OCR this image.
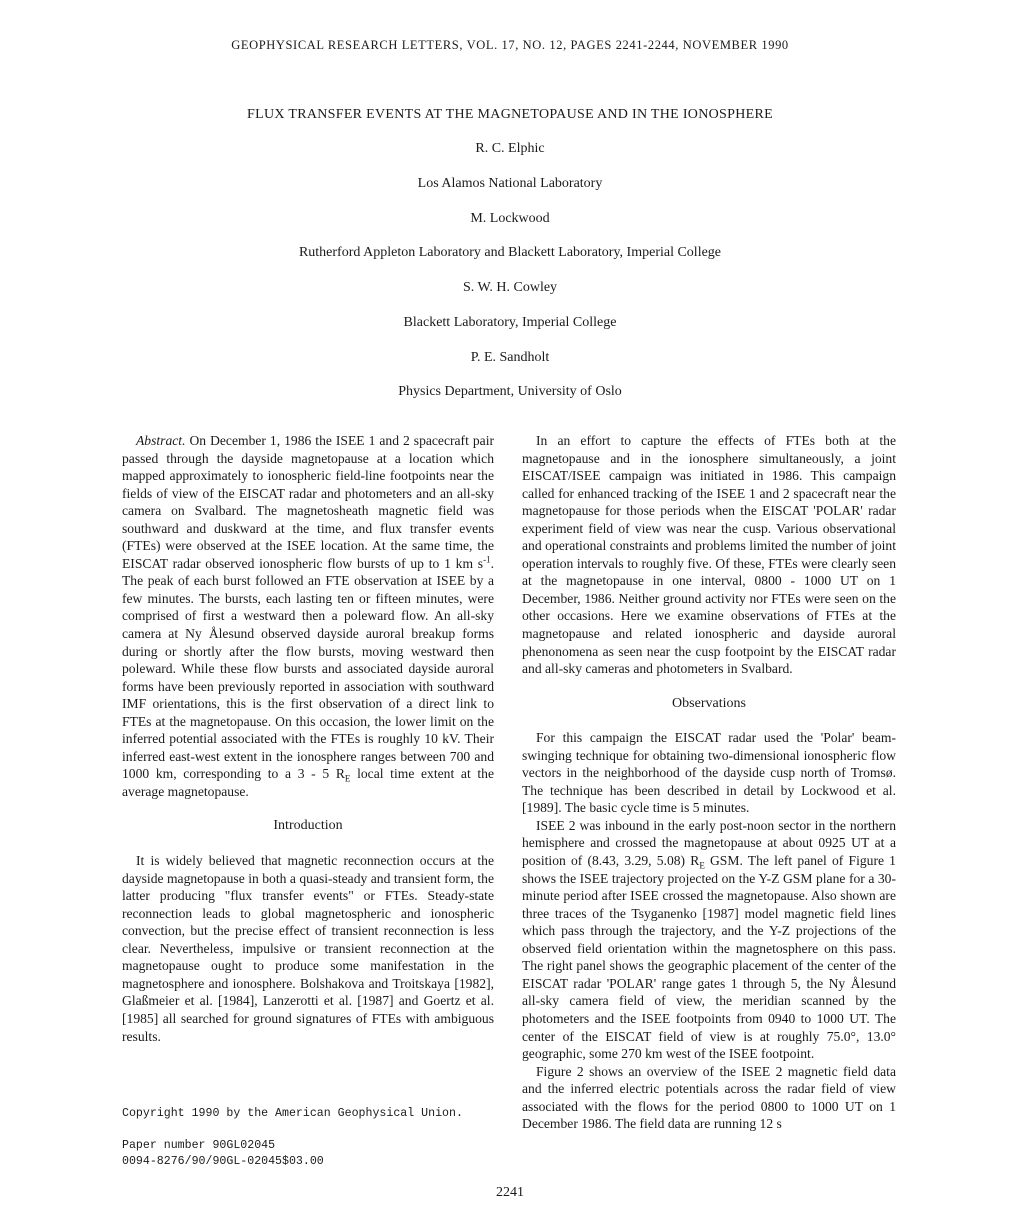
GEOPHYSICAL RESEARCH LETTERS, VOL. 17, NO. 12, PAGES 2241-2244, NOVEMBER 1990
FLUX TRANSFER EVENTS AT THE MAGNETOPAUSE AND IN THE IONOSPHERE
R. C. Elphic
Los Alamos National Laboratory
M. Lockwood
Rutherford Appleton Laboratory and Blackett Laboratory, Imperial College
S. W. H. Cowley
Blackett Laboratory, Imperial College
P. E. Sandholt
Physics Department, University of Oslo

Abstract. On December 1, 1986 the ISEE 1 and 2 spacecraft pair passed through the dayside magnetopause at a location which mapped approximately to ionospheric field-line footpoints near the fields of view of the EISCAT radar and photometers and an all-sky camera on Svalbard. The magnetosheath magnetic field was southward and duskward at the time, and flux transfer events (FTEs) were observed at the ISEE location. At the same time, the EISCAT radar observed ionospheric flow bursts of up to 1 km $s^{-1}$. The peak of each burst followed an FTE observation at ISEE by a few minutes. The bursts, each lasting ten or fifteen minutes, were comprised of first a westward then a poleward flow. An all-sky camera at Ny Ålesund observed dayside auroral breakup forms during or shortly after the flow bursts, moving westward then poleward. While these flow bursts and associated dayside auroral forms have been previously reported in association with southward IMF orientations, this is the first observation of a direct link to FTEs at the magnetopause. On this occasion, the lower limit on the inferred potential associated with the FTEs is roughly 10 kV. Their inferred east-west extent in the ionosphere ranges between 700 and 1000 km, corresponding to a 3 - 5 $R_E$ local time extent at the average magnetopause.

Introduction

It is widely believed that magnetic reconnection occurs at the dayside magnetopause in both a quasi-steady and transient form, the latter producing "flux transfer events" or FTEs. Steady-state reconnection leads to global magnetospheric and ionospheric convection, but the precise effect of transient reconnection is less clear. Nevertheless, impulsive or transient reconnection at the magnetopause ought to produce some manifestation in the magnetosphere and ionosphere. Bolshakova and Troitskaya [1982], Glaßmeier et al. [1984], Lanzerotti et al. [1987] and Goertz et al. [1985] all searched for ground signatures of FTEs with ambiguous results.

Copyright 1990 by the American Geophysical Union.
Paper number 90GL02045
0094-8276/90/90GL-02045$03.00

In an effort to capture the effects of FTEs both at the magnetopause and in the ionosphere simultaneously, a joint EISCAT/ISEE campaign was initiated in 1986. This campaign called for enhanced tracking of the ISEE 1 and 2 spacecraft near the magnetopause for those periods when the EISCAT 'POLAR' radar experiment field of view was near the cusp. Various observational and operational constraints and problems limited the number of joint operation intervals to roughly five. Of these, FTEs were clearly seen at the magnetopause in one interval, 0800 - 1000 UT on 1 December, 1986. Neither ground activity nor FTEs were seen on the other occasions. Here we examine observations of FTEs at the magnetopause and related ionospheric and dayside auroral phenonomena as seen near the cusp footpoint by the EISCAT radar and all-sky cameras and photometers in Svalbard.

Observations

For this campaign the EISCAT radar used the 'Polar' beam-swinging technique for obtaining two-dimensional ionospheric flow vectors in the neighborhood of the dayside cusp north of Tromsø. The technique has been described in detail by Lockwood et al. [1989]. The basic cycle time is 5 minutes.

ISEE 2 was inbound in the early post-noon sector in the northern hemisphere and crossed the magnetopause at about 0925 UT at a position of (8.43, 3.29, 5.08) $R_E$ GSM. The left panel of Figure 1 shows the ISEE trajectory projected on the Y-Z GSM plane for a 30-minute period after ISEE crossed the magnetopause. Also shown are three traces of the Tsyganenko [1987] model magnetic field lines which pass through the trajectory, and the Y-Z projections of the observed field orientation within the magnetosphere on this pass. The right panel shows the geographic placement of the center of the EISCAT radar 'POLAR' range gates 1 through 5, the Ny Ålesund all-sky camera field of view, the meridian scanned by the photometers and the ISEE footpoints from 0940 to 1000 UT. The center of the EISCAT field of view is at roughly 75.0°, 13.0° geographic, some 270 km west of the ISEE footpoint.

Figure 2 shows an overview of the ISEE 2 magnetic field data and the inferred electric potentials across the radar field of view associated with the flows for the period 0800 to 1000 UT on 1 December 1986. The field data are running 12 s

2241
